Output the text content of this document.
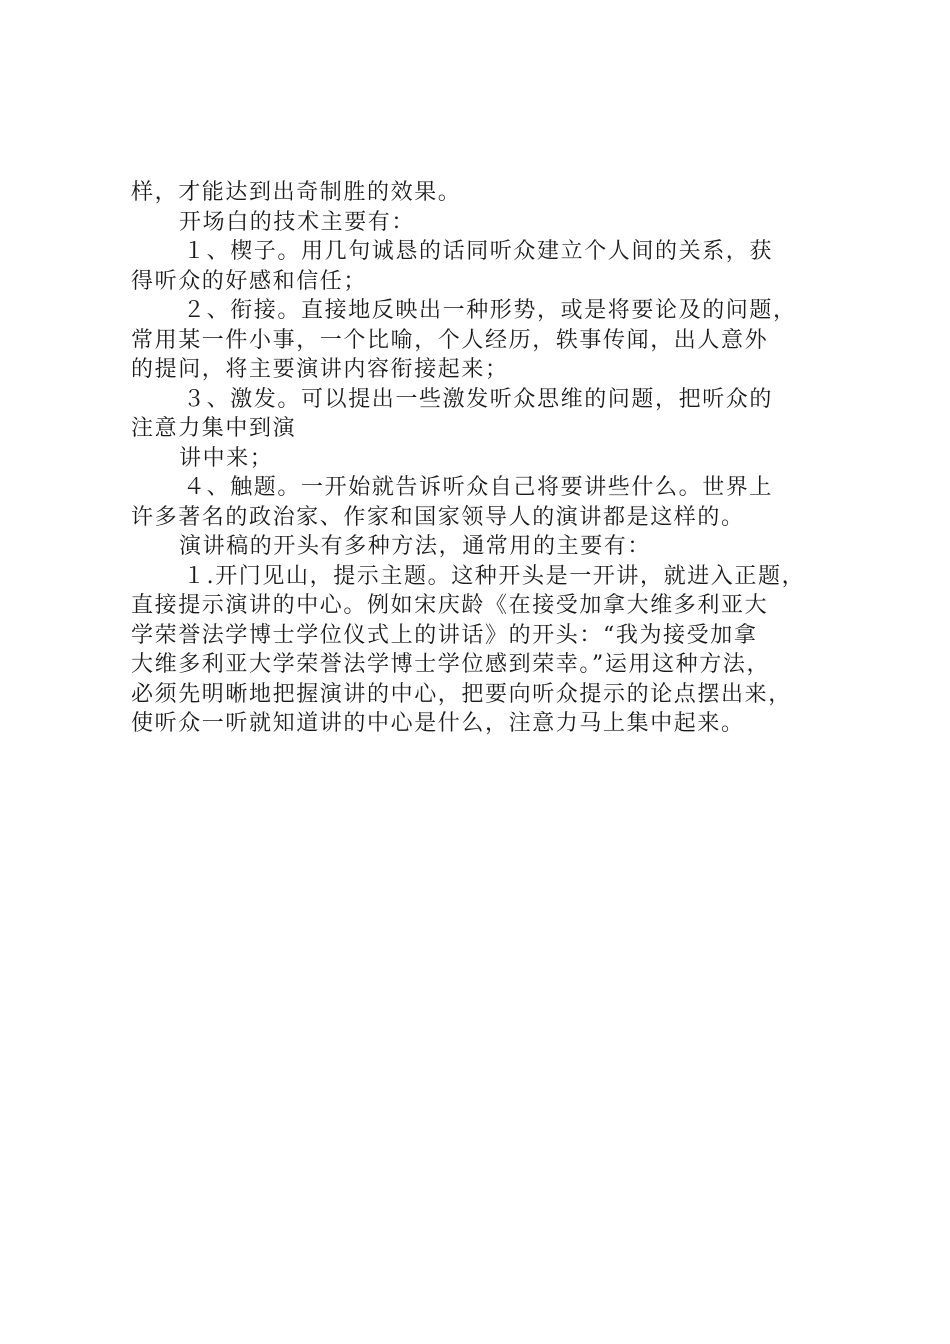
样，才能达到出奇制胜的效果。
开场白的技术主要有：
１、楔子。用几句诚恳的话同听众建立个人间的关系，获
得听众的好感和信任；
２、衔接。直接地反映出一种形势，或是将要论及的问题，
常用某一件小事，一个比喻，个人经历，轶事传闻，出人意外
的提问，将主要演讲内容衔接起来；
３、激发。可以提出一些激发听众思维的问题，把听众的
注意力集中到演
讲中来；
４、触题。一开始就告诉听众自己将要讲些什么。世界上
许多著名的政治家、作家和国家领导人的演讲都是这样的。
演讲稿的开头有多种方法，通常用的主要有：
１.开门见山，提示主题。这种开头是一开讲，就进入正题，
直接提示演讲的中心。例如宋庆龄《在接受加拿大维多利亚大
学荣誉法学博士学位仪式上的讲话》的开头：“我为接受加拿
大维多利亚大学荣誉法学博士学位感到荣幸。”运用这种方法，
必须先明晰地把握演讲的中心，把要向听众提示的论点摆出来，
使听众一听就知道讲的中心是什么，注意力马上集中起来。
